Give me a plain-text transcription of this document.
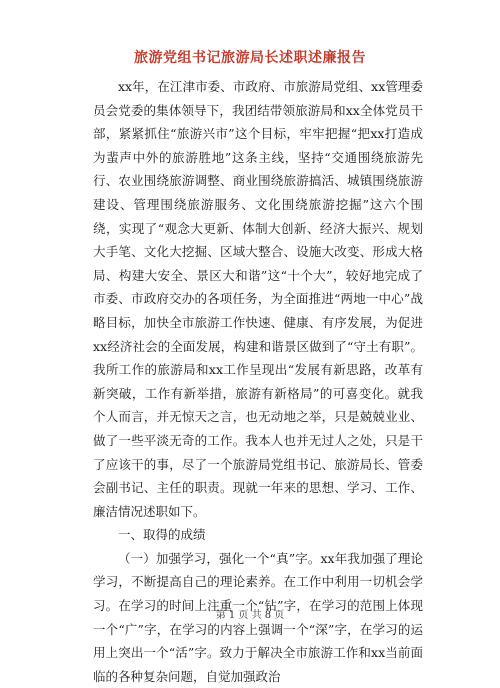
旅游党组书记旅游局长述职述廉报告

xx年，在江津市委、市政府、市旅游局党组、xx管理委员会党委的集体领导下，我团结带领旅游局和xx全体党员干部，紧紧抓住“旅游兴市”这个目标，牢牢把握“把xx打造成为蜚声中外的旅游胜地”这条主线，坚持“交通围绕旅游先行、农业围绕旅游调整、商业围绕旅游搞活、城镇围绕旅游建设、管理围绕旅游服务、文化围绕旅游挖掘”这六个围绕，实现了“观念大更新、体制大创新、经济大振兴、规划大手笔、文化大挖掘、区域大整合、设施大改变、形成大格局、构建大安全、景区大和谐”这“十个大”，较好地完成了市委、市政府交办的各项任务，为全面推进“两地一中心”战略目标，加快全市旅游工作快速、健康、有序发展，为促进xx经济社会的全面发展，构建和谐景区做到了“守土有职”。我所工作的旅游局和xx工作呈现出“发展有新思路，改革有新突破，工作有新举措，旅游有新格局”的可喜变化。就我个人而言，并无惊天之言，也无动地之举，只是兢兢业业、做了一些平淡无奇的工作。我本人也并无过人之处，只是干了应该干的事，尽了一个旅游局党组书记、旅游局长、管委会副书记、主任的职责。现就一年来的思想、学习、工作、廉洁情况述职如下。

一、取得的成绩

（一）加强学习，强化一个“真”字。xx年我加强了理论学习，不断提高自己的理论素养。在工作中利用一切机会学习。在学习的时间上注重一个“钻”字，在学习的范围上体现一个“广”字，在学习的内容上强调一个“深”字，在学习的运用上突出一个“活”字。致力于解决全市旅游工作和xx当前面临的各种复杂问题，自觉加强政治

第 1 页 共 8 页
